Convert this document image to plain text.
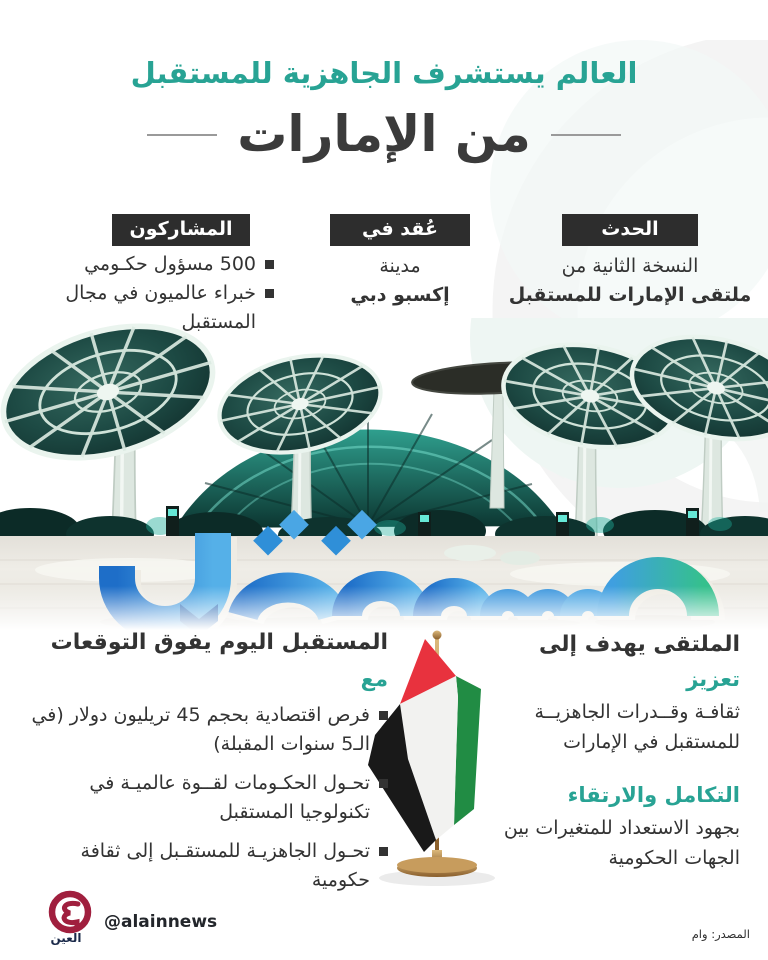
العالم يستشرف الجاهزية للمستقبل
من الإمارات
الحدث
النسخة الثانية من
ملتقى الإمارات للمستقبل
عُقد في
مدينة
إكسبو دبي
المشاركون
500 مسؤول حكـومي
خبراء عالميون في مجال المستقبل
الملتقى يهدف إلى
تعزيز
ثقافـة وقــدرات الجاهزيــة للمستقبل في الإمارات
التكامل والارتقاء
بجهود الاستعداد للمتغيرات بين الجهات الحكومية
المستقبل اليوم يفوق التوقعات
مع
فرص اقتصادية بحجم 45 تريليون دولار (في الـ5 سنوات المقبلة)
تحـول الحكـومات لقــوة عالميـة في تكنولوجيا المستقبل
تحـول الجاهزيـة للمستقـبل إلى ثقافة حكومية
العين
@alainnews
المصدر: وام
